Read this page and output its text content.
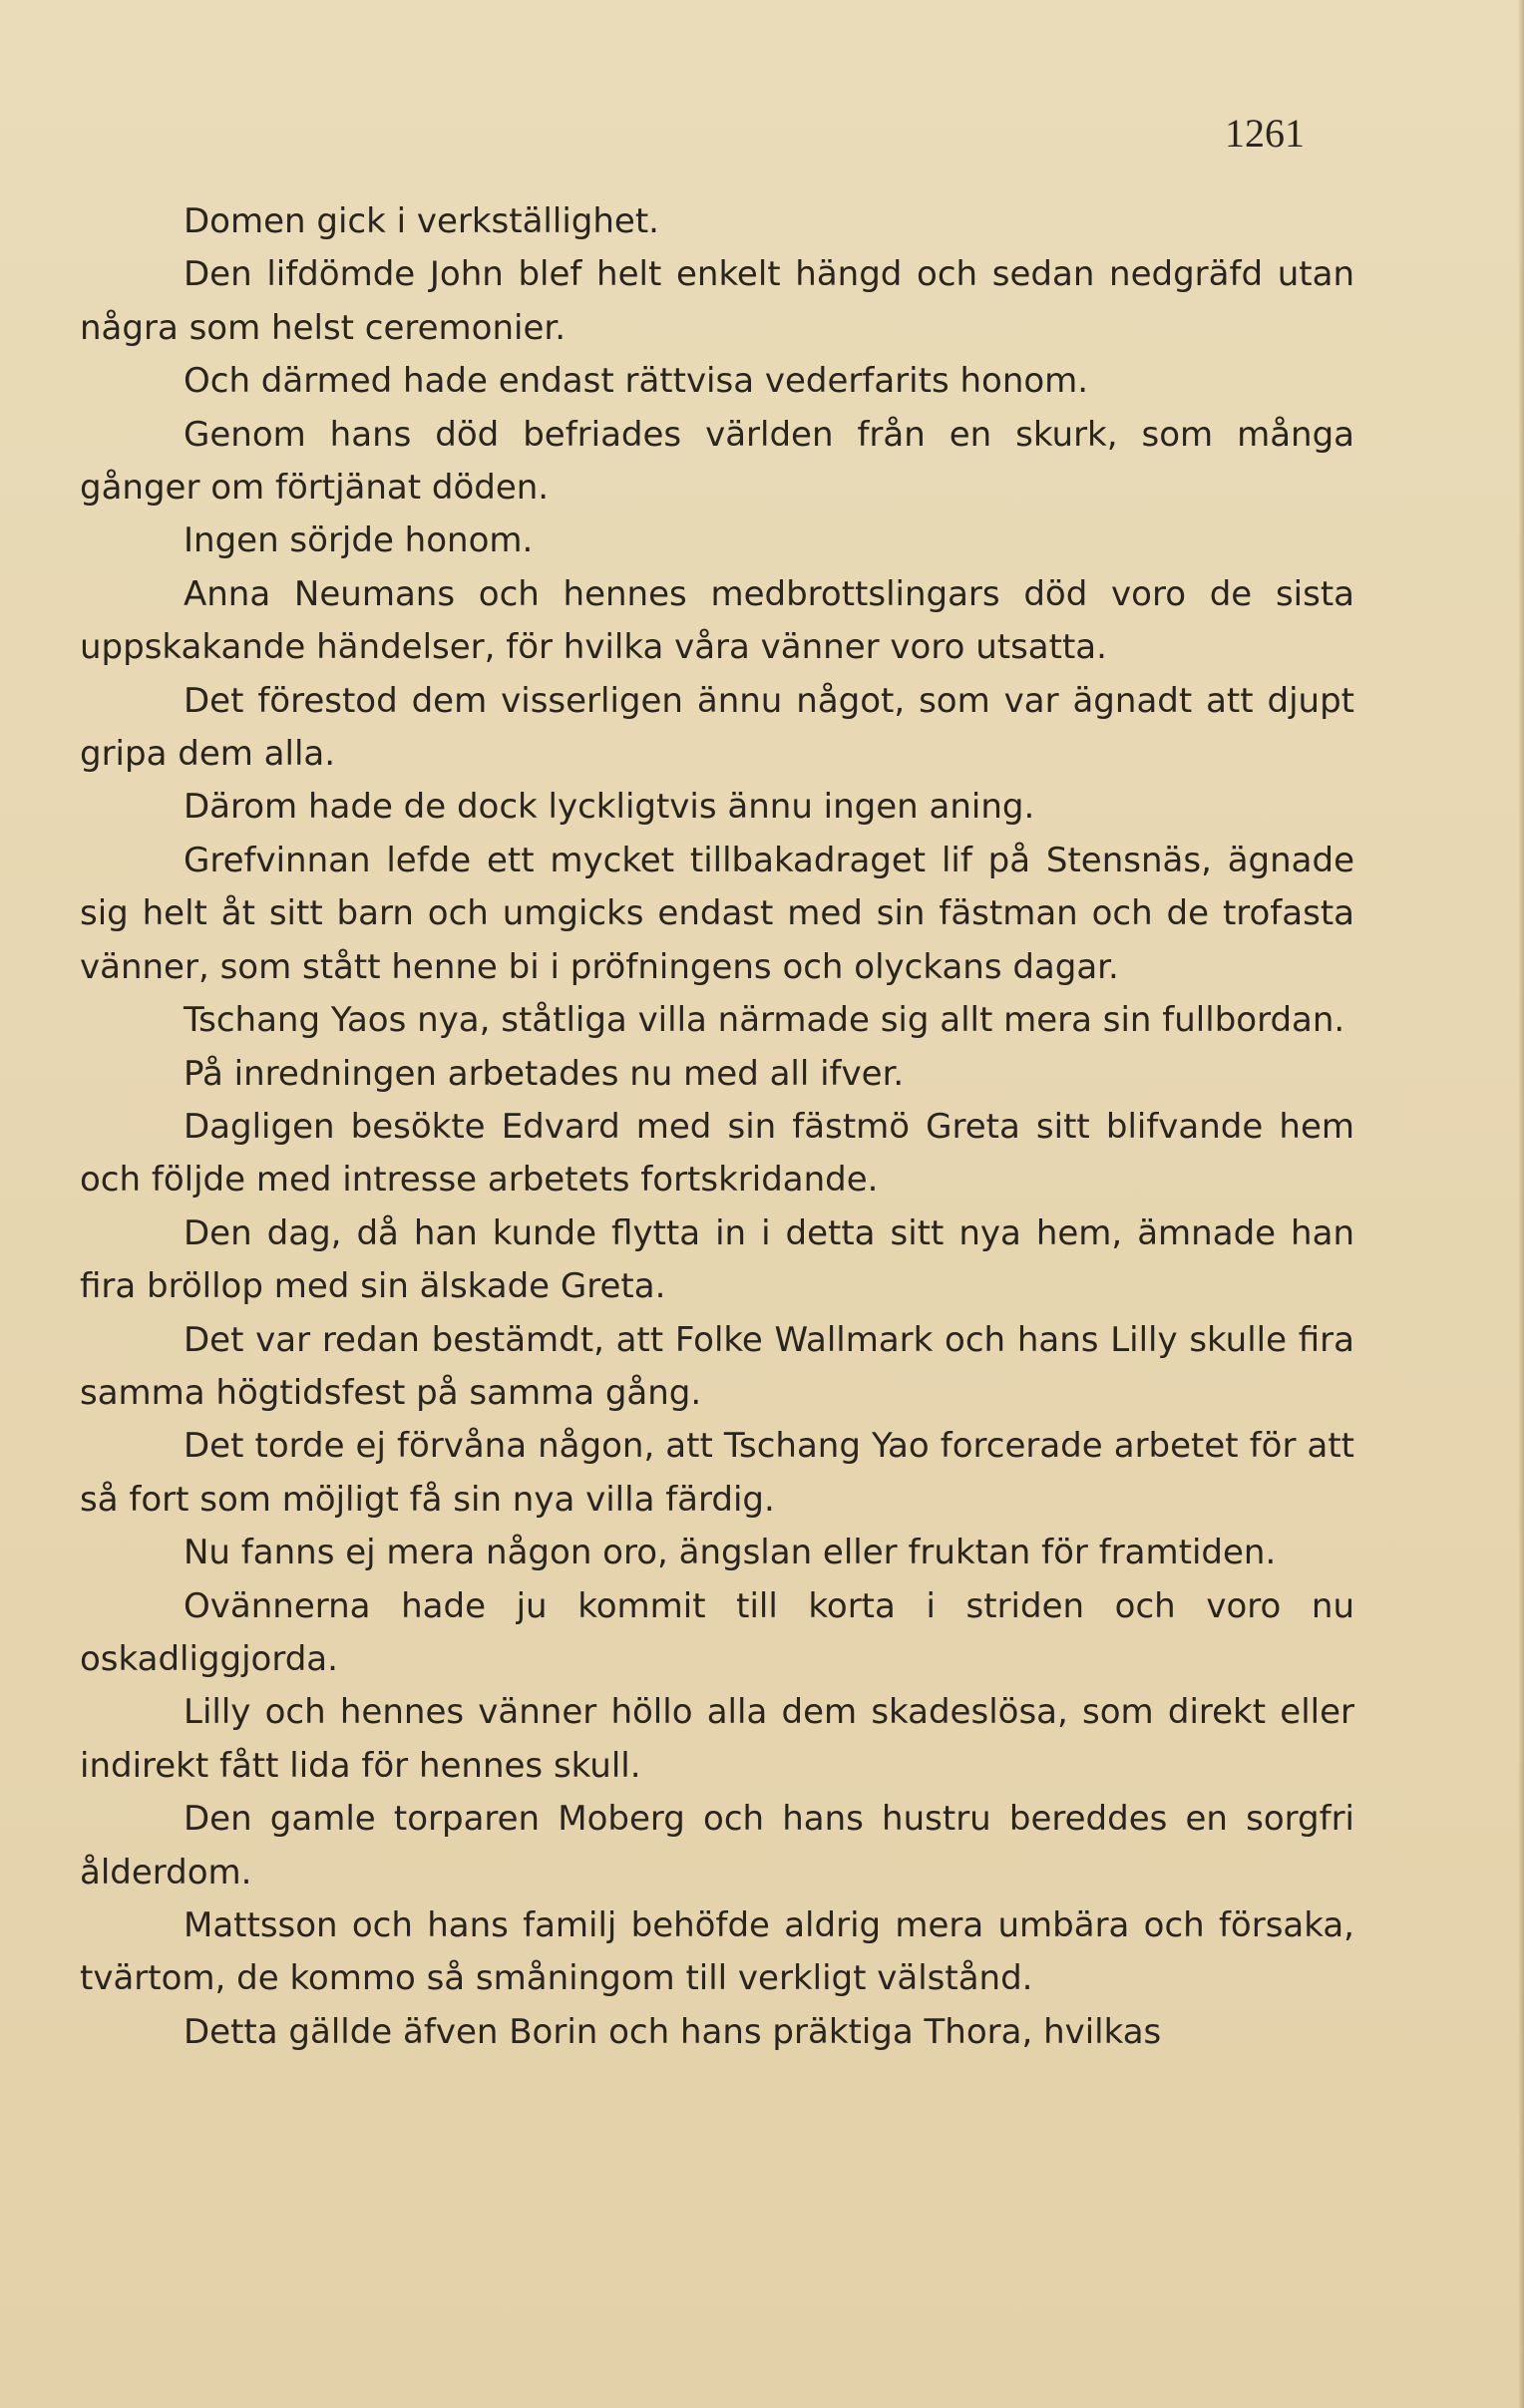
1261

Domen gick i verkställighet.

Den lifdömde John blef helt enkelt hängd och sedan nedgräfd utan några som helst ceremonier.

Och därmed hade endast rättvisa vederfarits honom.

Genom hans död befriades världen från en skurk, som många gånger om förtjänat döden.

Ingen sörjde honom.

Anna Neumans och hennes medbrottslingars död voro de sista uppskakande händelser, för hvilka våra vänner voro utsatta.

Det förestod dem visserligen ännu något, som var ägnadt att djupt gripa dem alla.

Därom hade de dock lyckligtvis ännu ingen aning.

Grefvinnan lefde ett mycket tillbakadraget lif på Stensnäs, ägnade sig helt åt sitt barn och umgicks endast med sin fästman och de trofasta vänner, som stått henne bi i pröfningens och olyckans dagar.

Tschang Yaos nya, ståtliga villa närmade sig allt mera sin fullbordan.

På inredningen arbetades nu med all ifver.

Dagligen besökte Edvard med sin fästmö Greta sitt blifvande hem och följde med intresse arbetets fortskridande.

Den dag, då han kunde flytta in i detta sitt nya hem, ämnade han fira bröllop med sin älskade Greta.

Det var redan bestämdt, att Folke Wallmark och hans Lilly skulle fira samma högtidsfest på samma gång.

Det torde ej förvåna någon, att Tschang Yao forcerade arbetet för att så fort som möjligt få sin nya villa färdig.

Nu fanns ej mera någon oro, ängslan eller fruktan för framtiden.

Ovännerna hade ju kommit till korta i striden och voro nu oskadliggjorda.

Lilly och hennes vänner höllo alla dem skadeslösa, som direkt eller indirekt fått lida för hennes skull.

Den gamle torparen Moberg och hans hustru bereddes en sorgfri ålderdom.

Mattsson och hans familj behöfde aldrig mera umbära och försaka, tvärtom, de kommo så småningom till verkligt välstånd.

Detta gällde äfven Borin och hans präktiga Thora, hvilkas
